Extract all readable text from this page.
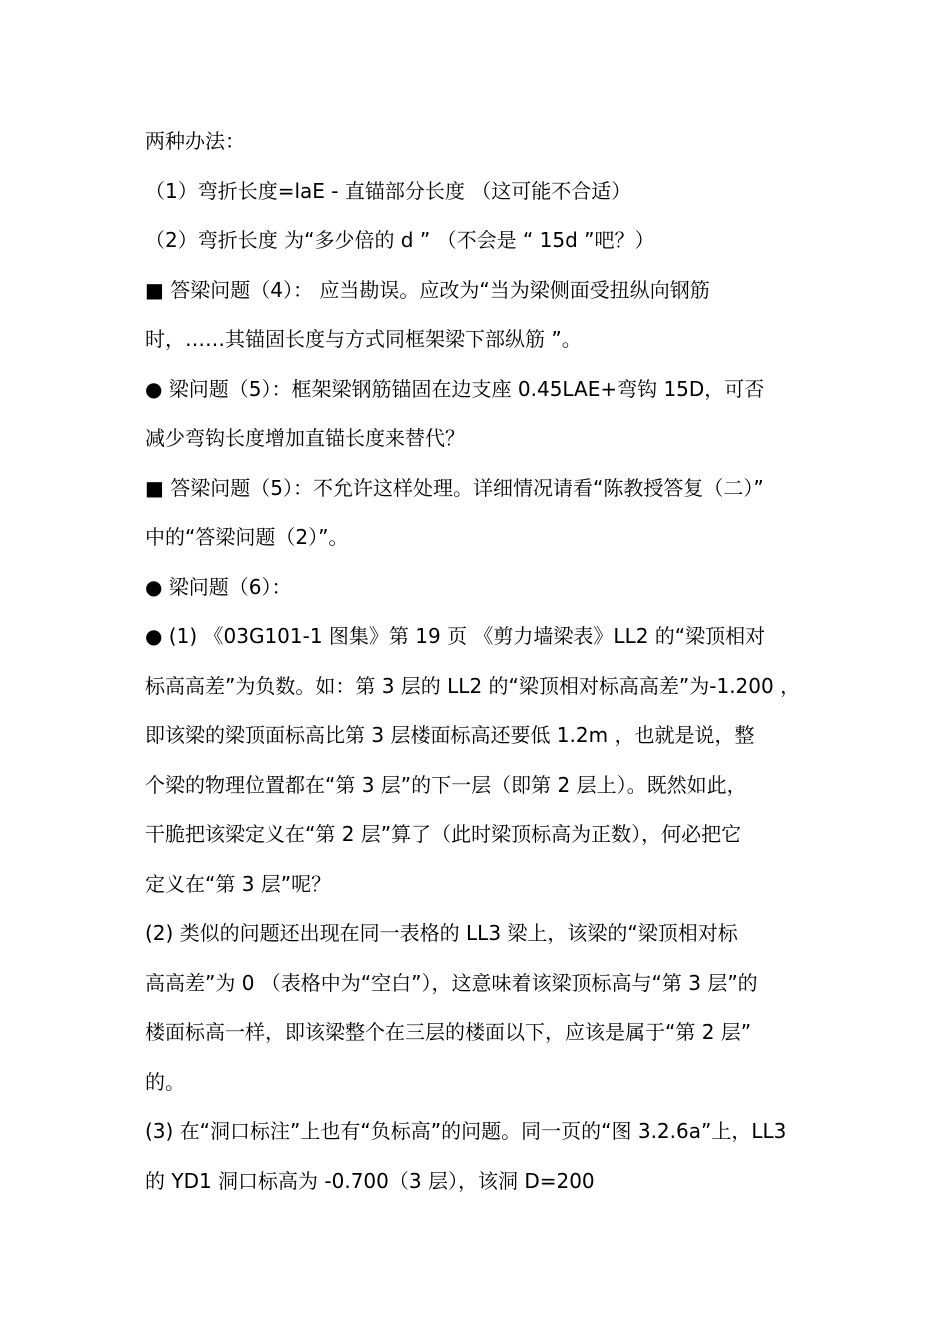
两种办法：
（1）弯折长度=laE - 直锚部分长度 （这可能不合适）
（2）弯折长度 为“多少倍的 d ” （不会是 “ 15d ”吧？）
■ 答梁问题（4）： 应当勘误。应改为“当为梁侧面受扭纵向钢筋
时，……其锚固长度与方式同框架梁下部纵筋 ”。
● 梁问题（5）：框架梁钢筋锚固在边支座 0.45LAE+弯钩 15D，可否
减少弯钩长度增加直锚长度来替代？
■ 答梁问题（5）：不允许这样处理。详细情况请看“陈教授答复（二）”
中的“答梁问题（2）”。
● 梁问题（6）：
● (1) 《03G101-1 图集》第 19 页 《剪力墙梁表》LL2 的“梁顶相对
标高高差”为负数。如：第 3 层的 LL2 的“梁顶相对标高高差”为-1.200 ，
即该梁的梁顶面标高比第 3 层楼面标高还要低 1.2m ，也就是说，整
个梁的物理位置都在“第 3 层”的下一层（即第 2 层上）。既然如此，
干脆把该梁定义在“第 2 层”算了（此时梁顶标高为正数），何必把它
定义在“第 3 层”呢？
(2) 类似的问题还出现在同一表格的 LL3 梁上，该梁的“梁顶相对标
高高差”为 0 （表格中为“空白”），这意味着该梁顶标高与“第 3 层”的
楼面标高一样，即该梁整个在三层的楼面以下，应该是属于“第 2 层”
的。
(3) 在“洞口标注”上也有“负标高”的问题。同一页的“图 3.2.6a”上，LL3
的 YD1 洞口标高为 -0.700（3 层），该洞 D=200
